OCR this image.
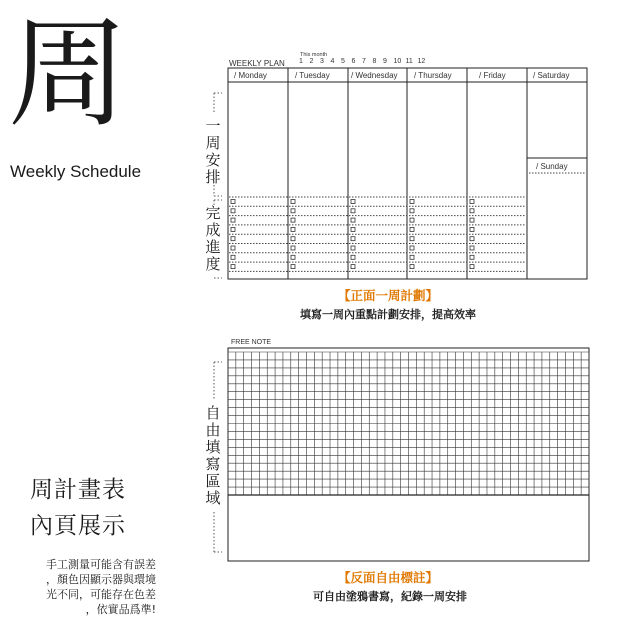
周
Weekly Schedule
周計畫表
內頁展示
手工測量可能含有誤差
，顏色因顯示器與環境
光不同，可能存在色差
，依實品爲準!
WEEKLY PLAN
This month
1 2 3 4 5 6 7 8 9 10 11 12
一
周
安
排
完
成
進
度
/ Monday	/ Tuesday	/ Wednesday / Thursday	/ Friday	/ Saturday
/ Sunday
【正面一周計劃】
填寫一周內重點計劃安排，提高效率
FREE NOTE
自
由
填
寫
區
域
【反面自由標註】
可自由塗鴉書寫，紀錄一周安排
